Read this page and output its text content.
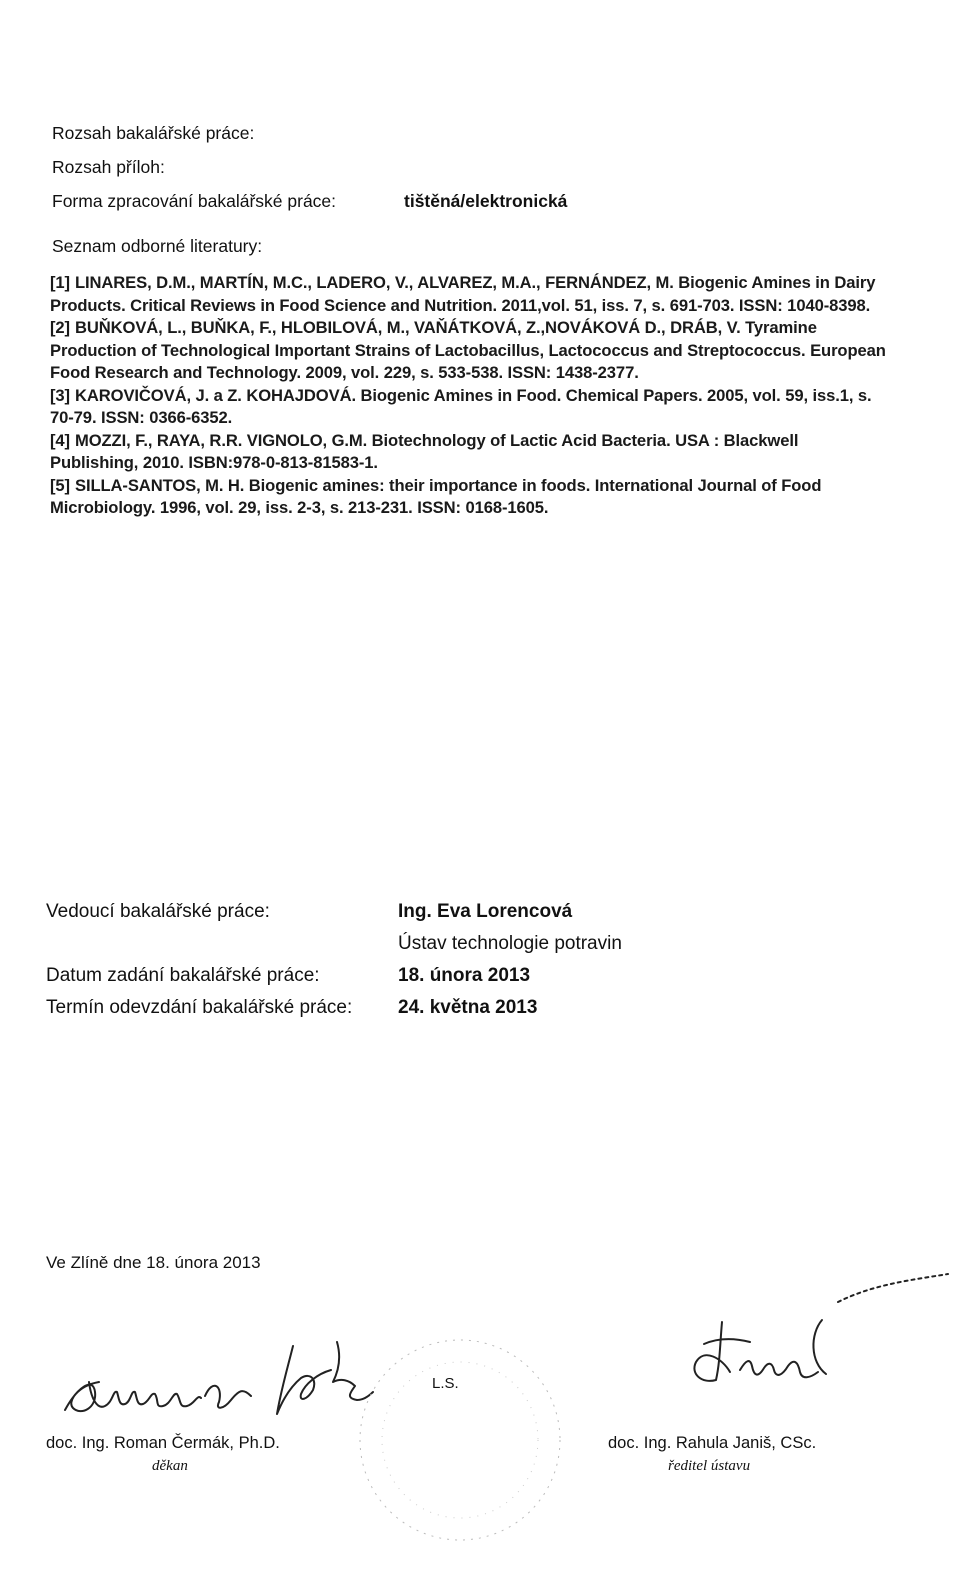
Rozsah bakalářské práce:
Rozsah příloh:
Forma zpracování bakalářské práce:	tištěná/elektronická
Seznam odborné literatury:

[1] LINARES, D.M., MARTÍN, M.C., LADERO, V., ALVAREZ, M.A., FERNÁNDEZ, M. Biogenic Amines in Dairy Products. Critical Reviews in Food Science and Nutrition. 2011,vol. 51, iss. 7, s. 691-703. ISSN: 1040-8398.

[2] BUŇKOVÁ, L., BUŇKA, F., HLOBILOVÁ, M., VAŇÁTKOVÁ, Z.,NOVÁKOVÁ D., DRÁB, V. Tyramine Production of Technological Important Strains of Lactobacillus, Lactococcus and Streptococcus. European Food Research and Technology. 2009, vol. 229, s. 533-538. ISSN: 1438-2377.

[3] KAROVIČOVÁ, J. a Z. KOHAJDOVÁ. Biogenic Amines in Food. Chemical Papers. 2005, vol. 59, iss.1, s. 70-79. ISSN: 0366-6352.

[4] MOZZI, F., RAYA, R.R. VIGNOLO, G.M. Biotechnology of Lactic Acid Bacteria. USA : Blackwell Publishing, 2010. ISBN:978-0-813-81583-1.

[5] SILLA-SANTOS, M. H. Biogenic amines: their importance in foods. International Journal of Food Microbiology. 1996, vol. 29, iss. 2-3, s. 213-231. ISSN: 0168-1605.

Vedoucí bakalářské práce:	Ing. Eva Lorencová
Ústav technologie potravin
Datum zadání bakalářské práce:	18. února 2013
Termín odevzdání bakalářské práce:	24. května 2013
Ve Zlíně dne 18. února 2013
L.S.
doc. Ing. Roman Čermák, Ph.D.
děkan
doc. Ing. Rahula Janiš, CSc.
ředitel ústavu
